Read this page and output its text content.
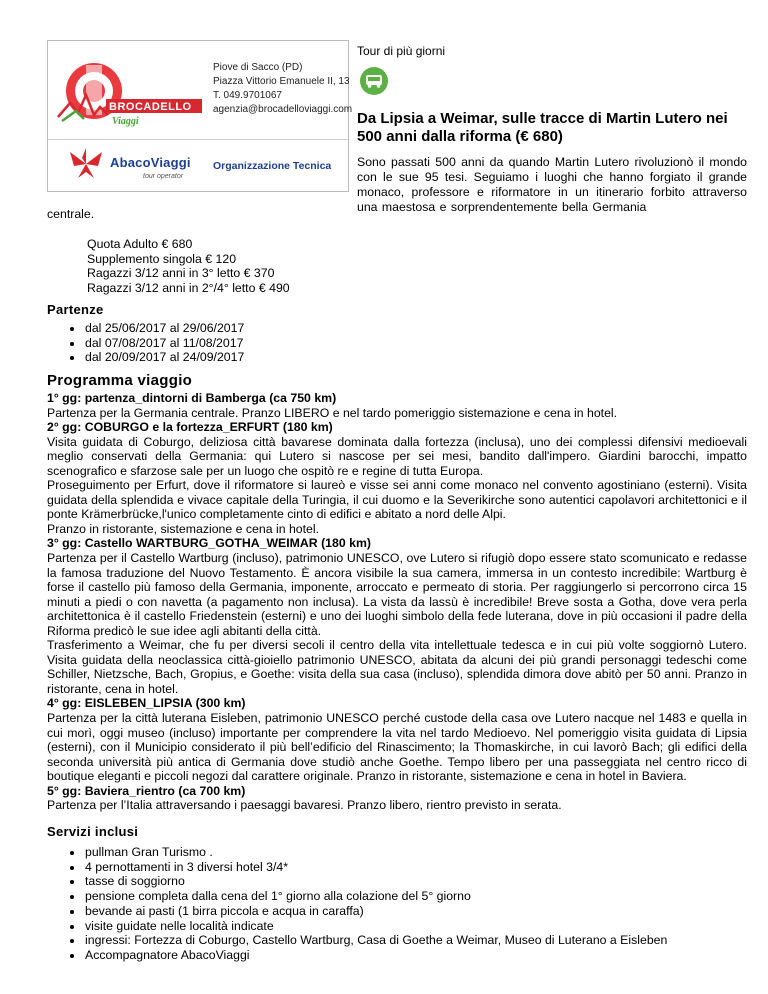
BROCADELLO
Viaggi
Piove di Sacco (PD)
Piazza Vittorio Emanuele II, 13
T. 049.9701067
agenzia@brocadelloviaggi.com
AbacoViaggi
tour operator
Organizzazione Tecnica
Tour di più giorni
Da Lipsia a Weimar, sulle tracce di Martin Lutero nei 500 anni dalla riforma (€ 680)
Sono passati 500 anni da quando Martin Lutero rivoluzionò il mondo con le sue 95 tesi. Seguiamo i luoghi che hanno forgiato il grande monaco, professore e riformatore in un itinerario forbito attraverso una maestosa e sorprendentemente bella Germania
centrale.
Quota Adulto € 680
Supplemento singola € 120
Ragazzi 3/12 anni in 3° letto € 370
Ragazzi 3/12 anni in 2°/4° letto € 490
Partenze
dal 25/06/2017 al 29/06/2017
dal 07/08/2017 al 11/08/2017
dal 20/09/2017 al 24/09/2017
Programma viaggio

1° gg: partenza_dintorni di Bamberga (ca 750 km)

Partenza per la Germania centrale. Pranzo LIBERO e nel tardo pomeriggio sistemazione e cena in hotel.

2° gg: COBURGO e la fortezza_ERFURT (180 km)

Visita guidata di Coburgo, deliziosa città bavarese dominata dalla fortezza (inclusa), uno dei complessi difensivi medioevali meglio conservati della Germania: qui Lutero si nascose per sei mesi, bandito dall'impero. Giardini barocchi, impatto scenografico e sfarzose sale per un luogo che ospitò re e regine di tutta Europa.

Proseguimento per Erfurt, dove il riformatore si laureò e visse sei anni come monaco nel convento agostiniano (esterni). Visita guidata della splendida e vivace capitale della Turingia, il cui duomo e la Severikirche sono autentici capolavori architettonici e il ponte Krämerbrücke,l'unico completamente cinto di edifici e abitato a nord delle Alpi.

Pranzo in ristorante, sistemazione e cena in hotel.

3° gg: Castello WARTBURG_GOTHA_WEIMAR (180 km)

Partenza per il Castello Wartburg (incluso), patrimonio UNESCO, ove Lutero si rifugiò dopo essere stato scomunicato e redasse la famosa traduzione del Nuovo Testamento. È ancora visibile la sua camera, immersa in un contesto incredibile: Wartburg è forse il castello più famoso della Germania, imponente, arroccato e permeato di storia. Per raggiungerlo si percorrono circa 15 minuti a piedi o con navetta (a pagamento non inclusa). La vista da lassù è incredibile! Breve sosta a Gotha, dove vera perla architettonica è il castello Friedenstein (esterni) e uno dei luoghi simbolo della fede luterana, dove in più occasioni il padre della Riforma predicò le sue idee agli abitanti della città.

Trasferimento a Weimar, che fu per diversi secoli il centro della vita intellettuale tedesca e in cui più volte soggiornò Lutero. Visita guidata della neoclassica città-gioiello patrimonio UNESCO, abitata da alcuni dei più grandi personaggi tedeschi come Schiller, Nietzsche, Bach, Gropius, e Goethe: visita della sua casa (incluso), splendida dimora dove abitò per 50 anni. Pranzo in ristorante, cena in hotel.

4° gg: EISLEBEN_LIPSIA (300 km)

Partenza per la città luterana Eisleben, patrimonio UNESCO perché custode della casa ove Lutero nacque nel 1483 e quella in cui morì, oggi museo (incluso) importante per comprendere la vita nel tardo Medioevo. Nel pomeriggio visita guidata di Lipsia (esterni), con il Municipio considerato il più bell’edificio del Rinascimento; la Thomaskirche, in cui lavorò Bach; gli edifici della seconda università più antica di Germania dove studiò anche Goethe. Tempo libero per una passeggiata nel centro ricco di boutique eleganti e piccoli negozi dal carattere originale. Pranzo in ristorante, sistemazione e cena in hotel in Baviera.

5° gg: Baviera_rientro (ca 700 km)

Partenza per l’Italia attraversando i paesaggi bavaresi. Pranzo libero, rientro previsto in serata.

Servizi inclusi
pullman Gran Turismo .
4 pernottamenti in 3 diversi hotel 3/4*
tasse di soggiorno
pensione completa dalla cena del 1° giorno alla colazione del 5° giorno
bevande ai pasti (1 birra piccola e acqua in caraffa)
visite guidate nelle località indicate
ingressi: Fortezza di Coburgo, Castello Wartburg, Casa di Goethe a Weimar, Museo di Luterano a Eisleben
Accompagnatore AbacoViaggi
